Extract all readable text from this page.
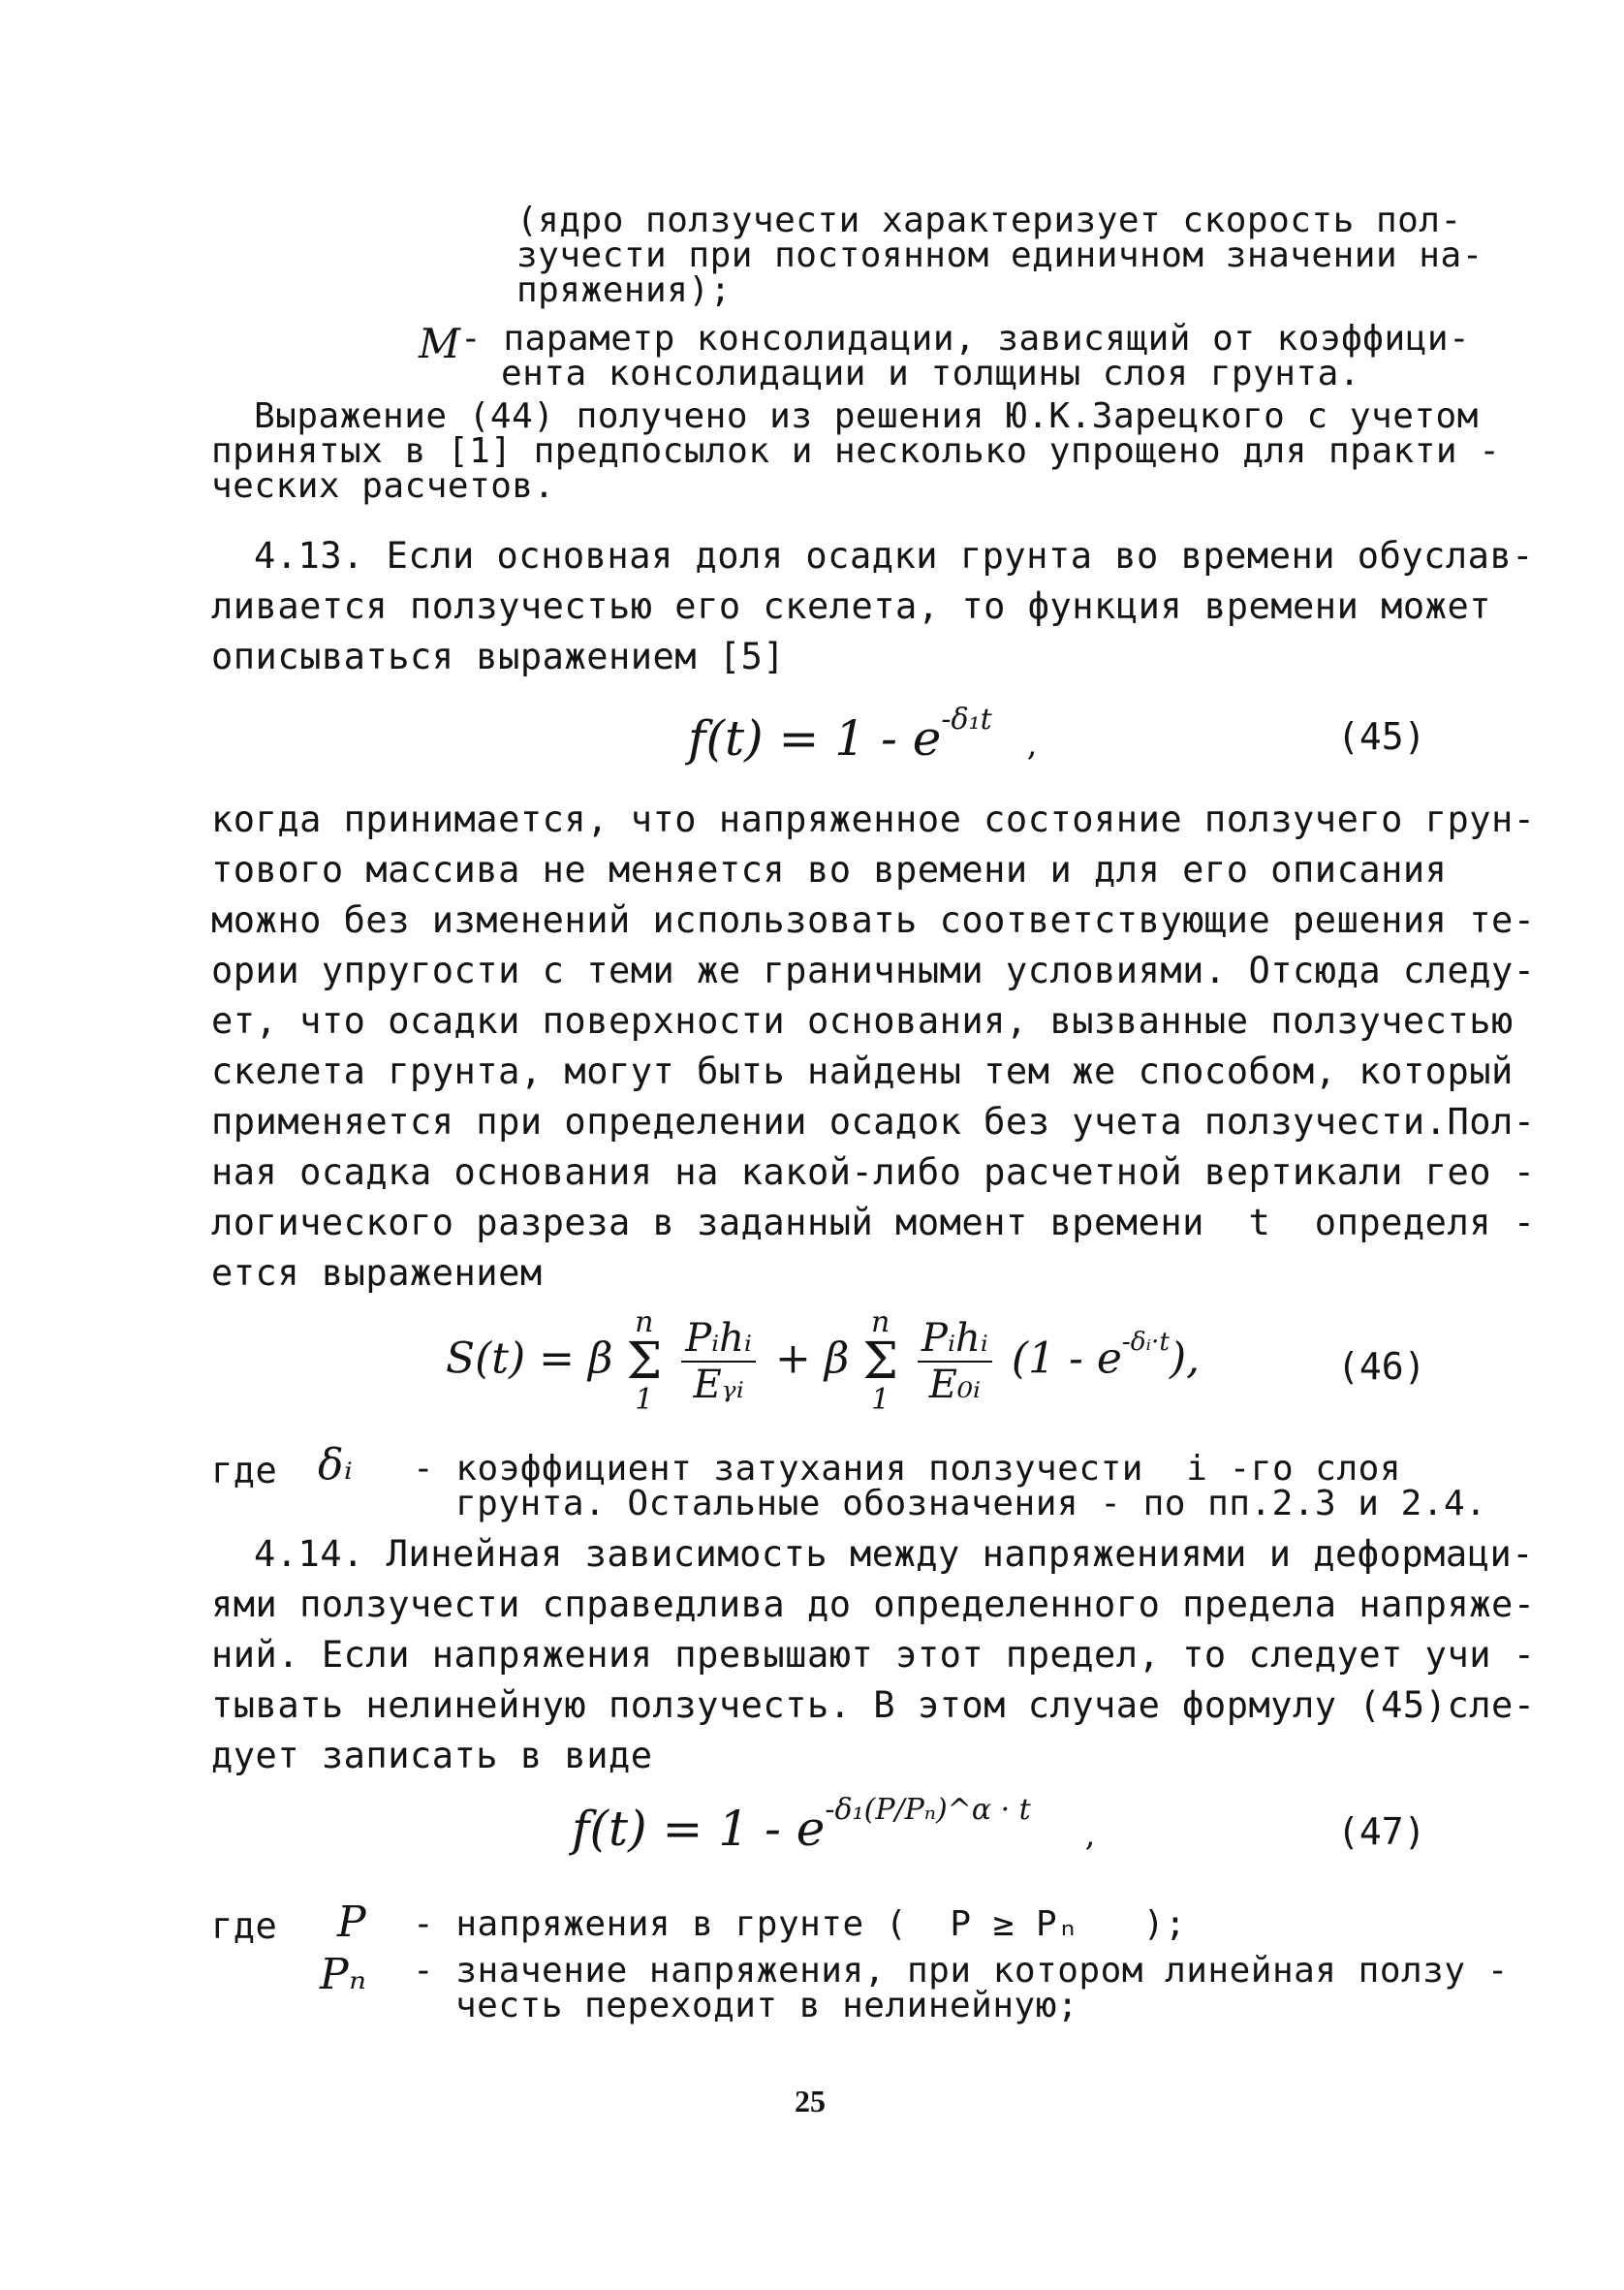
(ядро ползучести характеризует скорость пол-
зучести при постоянном единичном значении на-
пряжения);
M - параметр консолидации, зависящий от коэффици-
ента консолидации и толщины слоя грунта.
Выражение (44) получено из решения Ю.К.Зарецкого с учетом
принятых в [1] предпосылок и несколько упрощено для практи -
ческих расчетов.
4.13. Если основная доля осадки грунта во времени обуслав-
ливается ползучестью его скелета, то функция времени может
описываться выражением [5]
$f(t) = 1 - e^{-\delta_1t}$ ,	(45)
когда принимается, что напряженное состояние ползучего грун-
тового массива не меняется во времени и для его описания
можно без изменений использовать соответствующие решения те-
ории упругости с теми же граничными условиями. Отсюда следу-
ет, что осадки поверхности основания, вызванные ползучестью
скелета грунта, могут быть найдены тем же способом, который
применяется при определении осадок без учета ползучести.Пол-
ная осадка основания на какой-либо расчетной вертикали гео -
логического разреза в заданный момент времени  t  определя -
ется выражением
S(t) = β n
Σ
$1 \frac{\text{Pᵢhᵢ}}{\text{Eᵧᵢ}} + \beta$ n
Σ
$1 \frac{\text{Pᵢhᵢ}}{\text{E₀ᵢ}} (1 - e^{-\delta ᵢ\cdot t})$,	(46)
где δᵢ - коэффициент затухания ползучести  i -го слоя
грунта. Остальные обозначения - по пп.2.3 и 2.4.
4.14. Линейная зависимость между напряжениями и деформаци-
ями ползучести справедлива до определенного предела напряже-
ний. Если напряжения превышают этот предел, то следует учи -
тывать нелинейную ползучесть. В этом случае формулу (45)сле-
дует записать в виде
$f(t) = 1 - e^{-\delta_1(P/P_n)\^{}\alpha \cdot t}$ ,	(47)
где P - напряжения в грунте (  P ≥ Pₙ   );
Pₙ - значение напряжения, при котором линейная ползу -
честь переходит в нелинейную;
25
